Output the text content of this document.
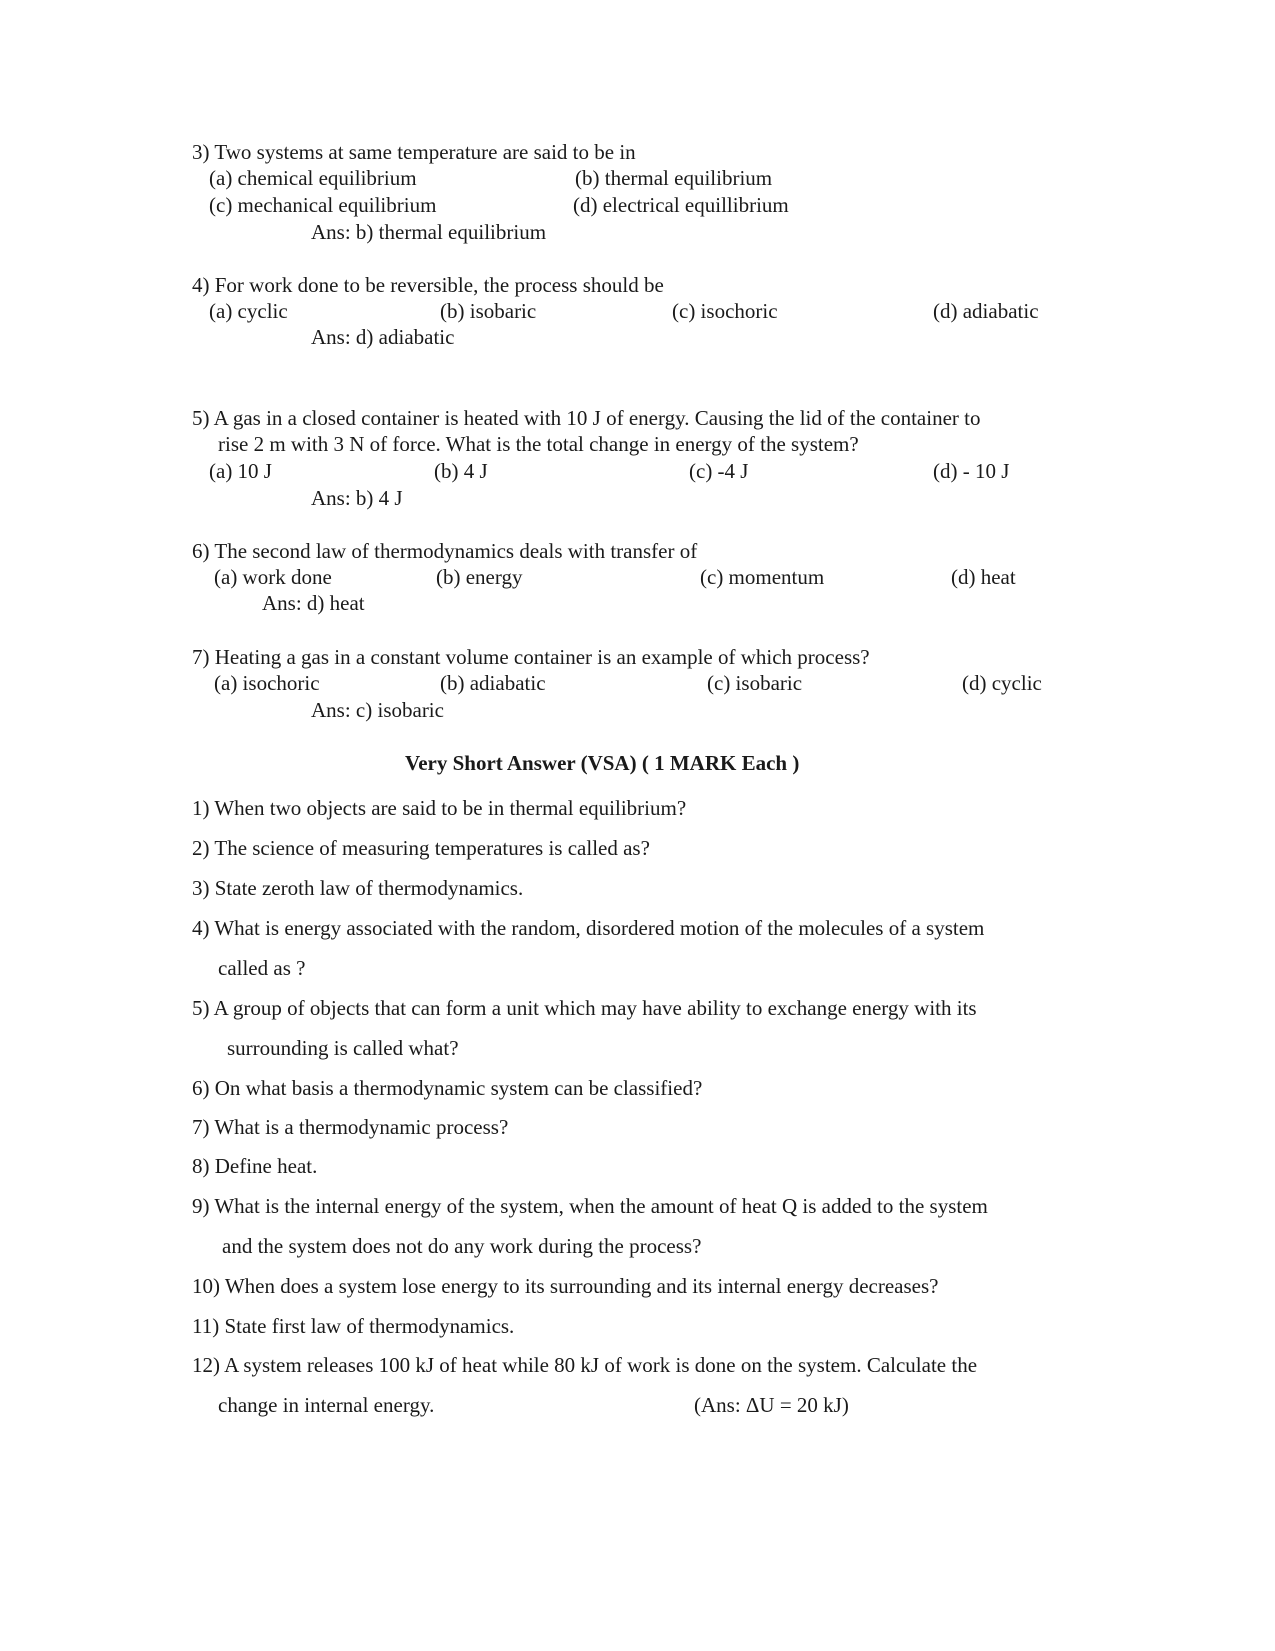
3) Two systems at same temperature are said to be in
(a) chemical equilibrium	(b) thermal equilibrium
(c) mechanical equilibrium	(d) electrical equillibrium
Ans: b) thermal equilibrium
4) For work done to be reversible, the process should be
(a) cyclic	(b) isobaric	(c) isochoric	(d) adiabatic
Ans: d) adiabatic
5) A gas in a closed container is heated with 10 J of energy. Causing the lid of the container to
rise 2 m with 3 N of force. What is the total change in energy of the system?
(a) 10 J	(b) 4 J	(c) -4 J	(d) - 10 J
Ans: b) 4 J
6) The second law of thermodynamics deals with transfer of
(a) work done	(b) energy	(c) momentum	(d) heat
Ans: d) heat
7) Heating a gas in a constant volume container is an example of which process?
(a) isochoric	(b) adiabatic	(c) isobaric	(d) cyclic
Ans: c) isobaric
Very Short Answer (VSA) ( 1 MARK Each )
1) When two objects are said to be in thermal equilibrium?
2) The science of measuring temperatures is called as?
3) State zeroth law of thermodynamics.
4) What is energy associated with the random, disordered motion of the molecules of a system
called as ?
5) A group of objects that can form a unit which may have ability to exchange energy with its
surrounding is called what?
6) On what basis a thermodynamic system can be classified?
7) What is a thermodynamic process?
8) Define heat.
9) What is the internal energy of the system, when the amount of heat Q is added to the system
and the system does not do any work during the process?
10) When does a system lose energy to its surrounding and its internal energy decreases?
11) State first law of thermodynamics.
12) A system releases 100 kJ of heat while 80 kJ of work is done on the system. Calculate the
change in internal energy.	(Ans: ΔU = 20 kJ)
